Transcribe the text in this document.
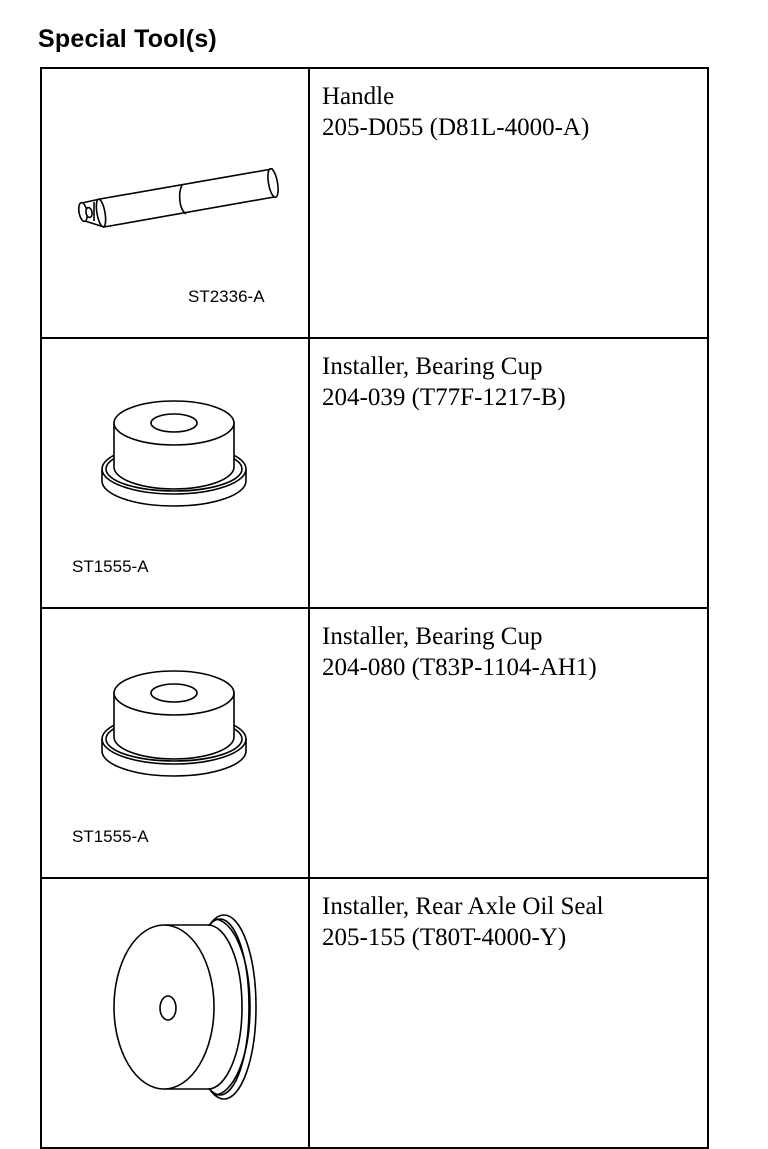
Special Tool(s)
ST2336-A	Handle
205-D055 (D81L-4000-A)

ST1555-A	Installer, Bearing Cup
204-039 (T77F-1217-B)

ST1555-A	Installer, Bearing Cup
204-080 (T83P-1104-AH1)

Installer, Rear Axle Oil Seal
205-155 (T80T-4000-Y)
